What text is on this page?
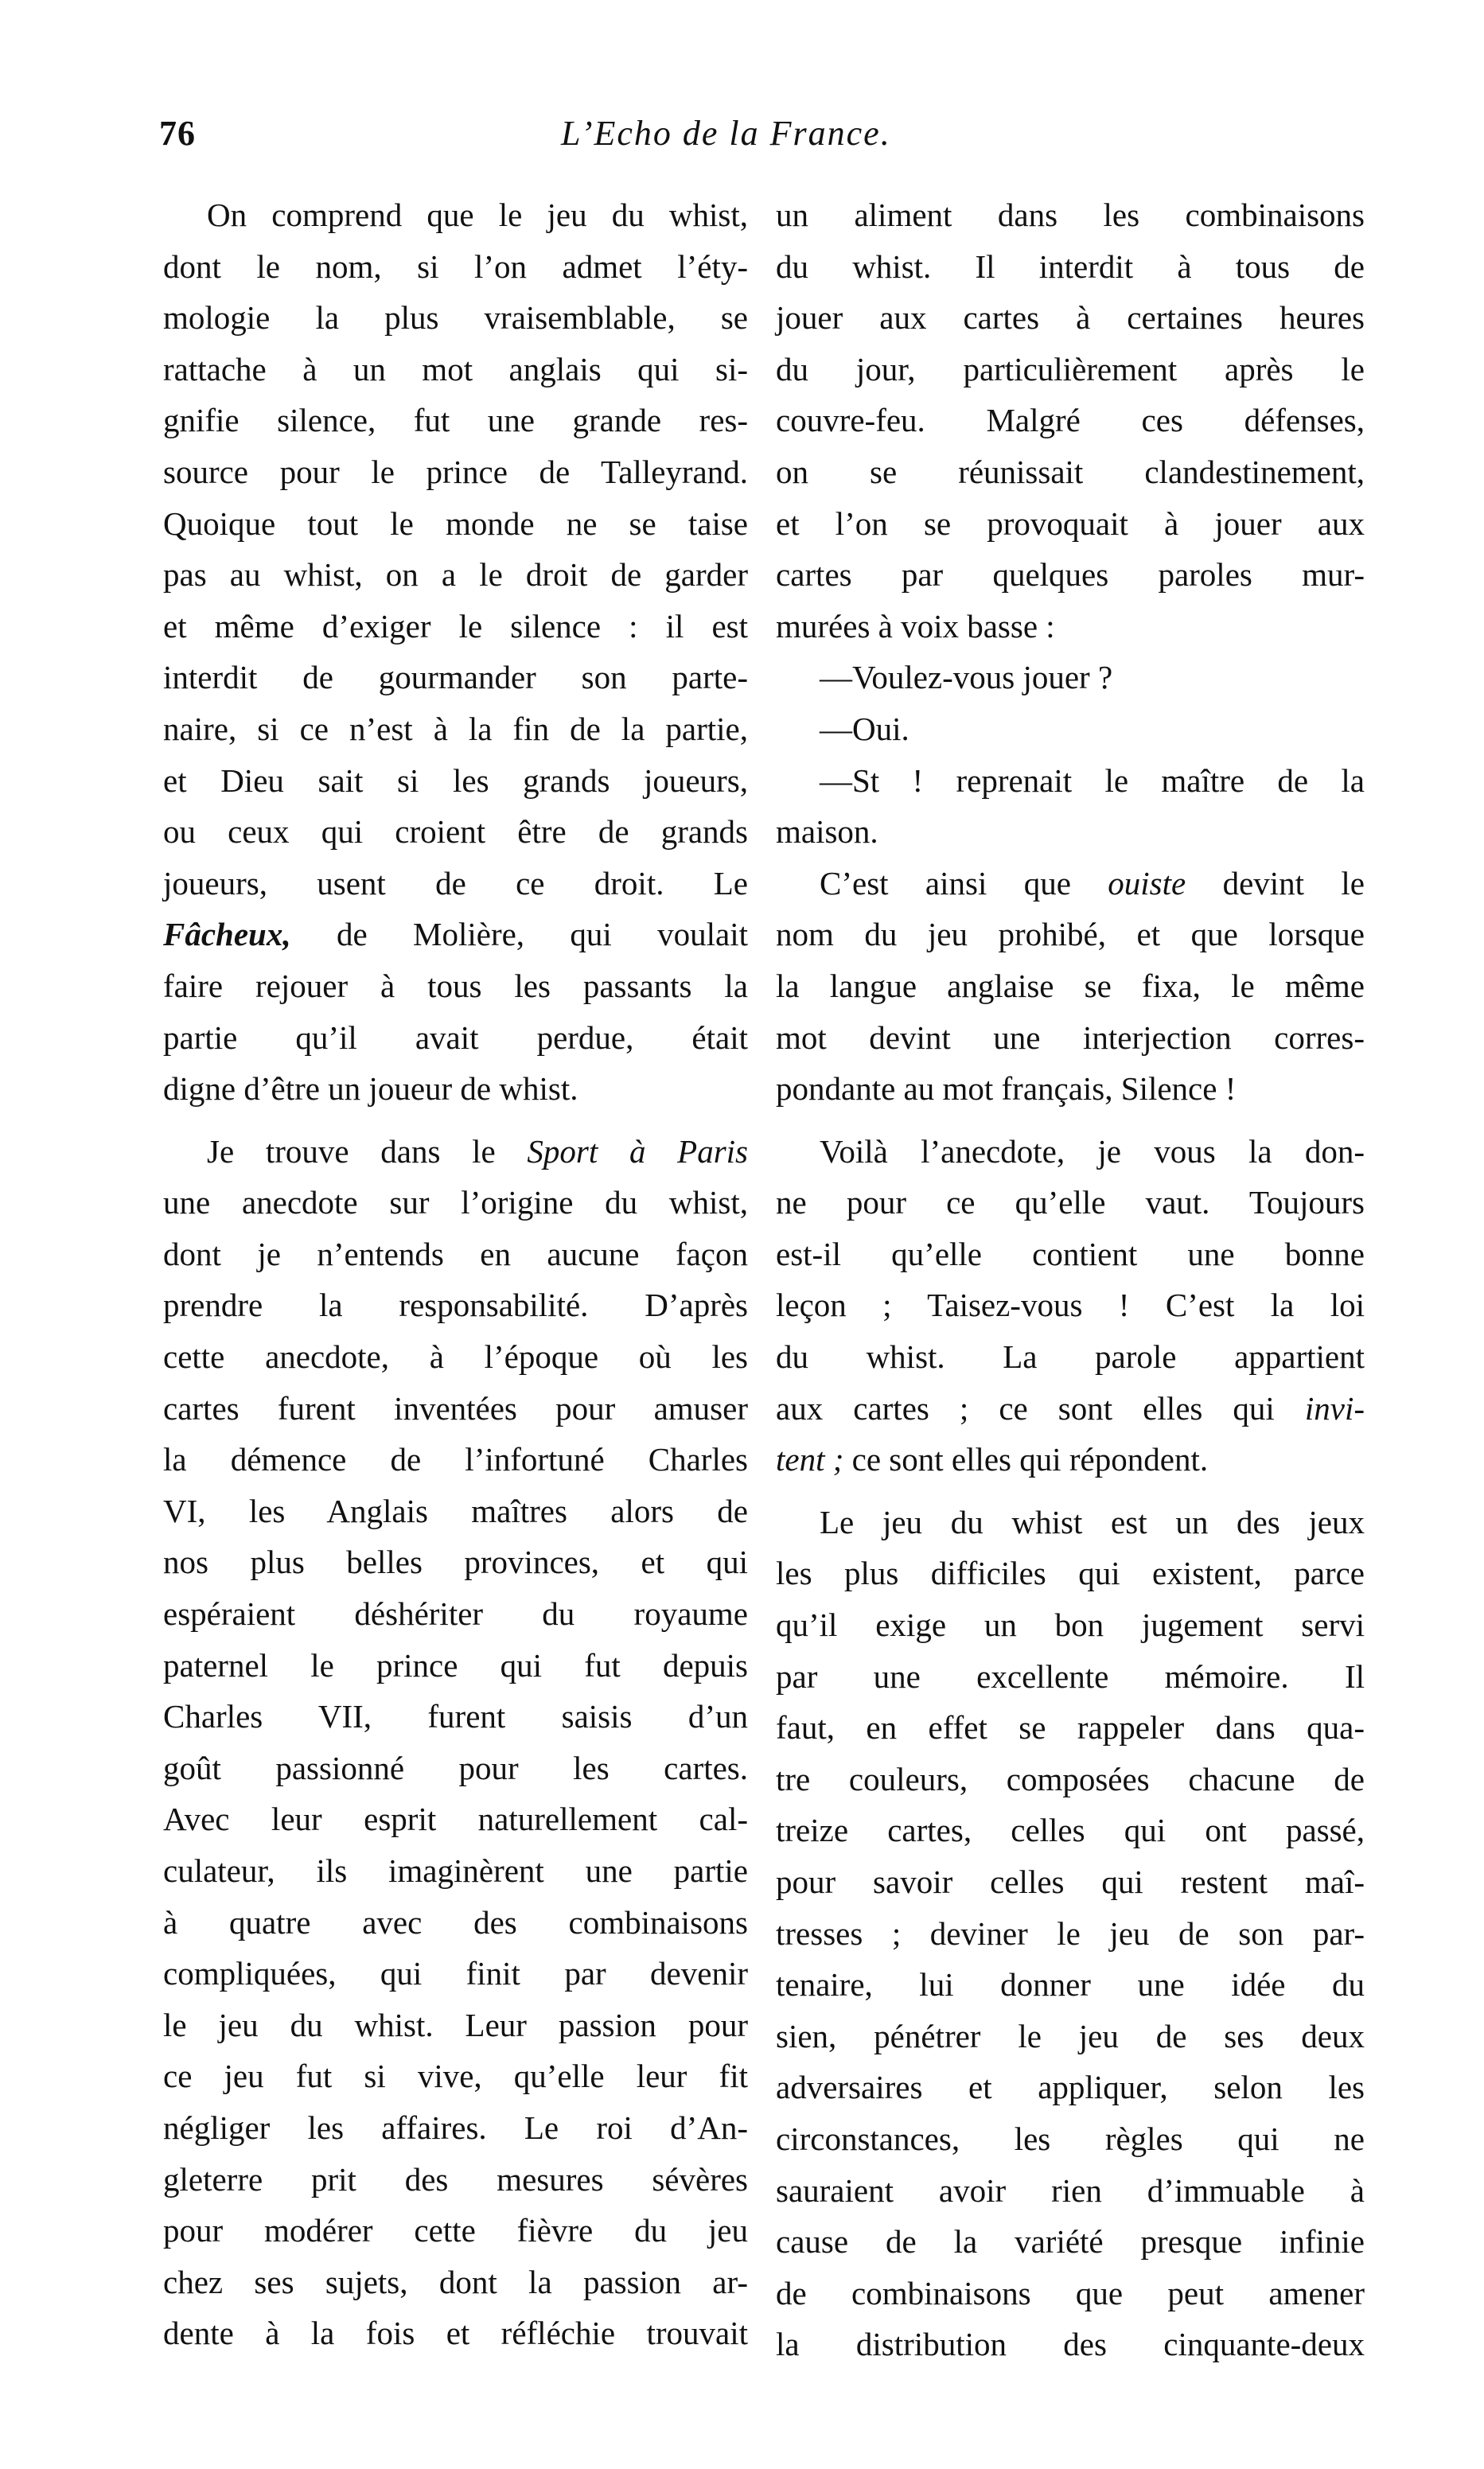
76	L’Echo de la France.
On comprend que le jeu du whist,
dont le nom, si l’on admet l’éty-
mologie la plus vraisemblable, se
rattache à un mot anglais qui si-
gnifie silence, fut une grande res-
source pour le prince de Talleyrand.
Quoique tout le monde ne se taise
pas au whist, on a le droit de garder
et même d’exiger le silence : il est
interdit de gourmander son parte-
naire, si ce n’est à la fin de la partie,
et Dieu sait si les grands joueurs,
ou ceux qui croient être de grands
joueurs, usent de ce droit. Le
Fâcheux, de Molière, qui voulait
faire rejouer à tous les passants la
partie qu’il avait perdue, était
digne d’être un joueur de whist.
Je trouve dans le Sport à Paris
une anecdote sur l’origine du whist,
dont je n’entends en aucune façon
prendre la responsabilité. D’après
cette anecdote, à l’époque où les
cartes furent inventées pour amuser
la démence de l’infortuné Charles
VI, les Anglais maîtres alors de
nos plus belles provinces, et qui
espéraient déshériter du royaume
paternel le prince qui fut depuis
Charles VII, furent saisis d’un
goût passionné pour les cartes.
Avec leur esprit naturellement cal-
culateur, ils imaginèrent une partie
à quatre avec des combinaisons
compliquées, qui finit par devenir
le jeu du whist. Leur passion pour
ce jeu fut si vive, qu’elle leur fit
négliger les affaires. Le roi d’An-
gleterre prit des mesures sévères
pour modérer cette fièvre du jeu
chez ses sujets, dont la passion ar-
dente à la fois et réfléchie trouvait
un aliment dans les combinaisons
du whist. Il interdit à tous de
jouer aux cartes à certaines heures
du jour, particulièrement après le
couvre-feu. Malgré ces défenses,
on se réunissait clandestinement,
et l’on se provoquait à jouer aux
cartes par quelques paroles mur-
murées à voix basse :
—Voulez-vous jouer ?
—Oui.
—St ! reprenait le maître de la
maison.
C’est ainsi que ouiste devint le
nom du jeu prohibé, et que lorsque
la langue anglaise se fixa, le même
mot devint une interjection corres-
pondante au mot français, Silence !
Voilà l’anecdote, je vous la don-
ne pour ce qu’elle vaut. Toujours
est-il qu’elle contient une bonne
leçon ; Taisez-vous ! C’est la loi
du whist. La parole appartient
aux cartes ; ce sont elles qui invi-
tent ; ce sont elles qui répondent.
Le jeu du whist est un des jeux
les plus difficiles qui existent, parce
qu’il exige un bon jugement servi
par une excellente mémoire. Il
faut, en effet se rappeler dans qua-
tre couleurs, composées chacune de
treize cartes, celles qui ont passé,
pour savoir celles qui restent maî-
tresses ; deviner le jeu de son par-
tenaire, lui donner une idée du
sien, pénétrer le jeu de ses deux
adversaires et appliquer, selon les
circonstances, les règles qui ne
sauraient avoir rien d’immuable à
cause de la variété presque infinie
de combinaisons que peut amener
la distribution des cinquante-deux
